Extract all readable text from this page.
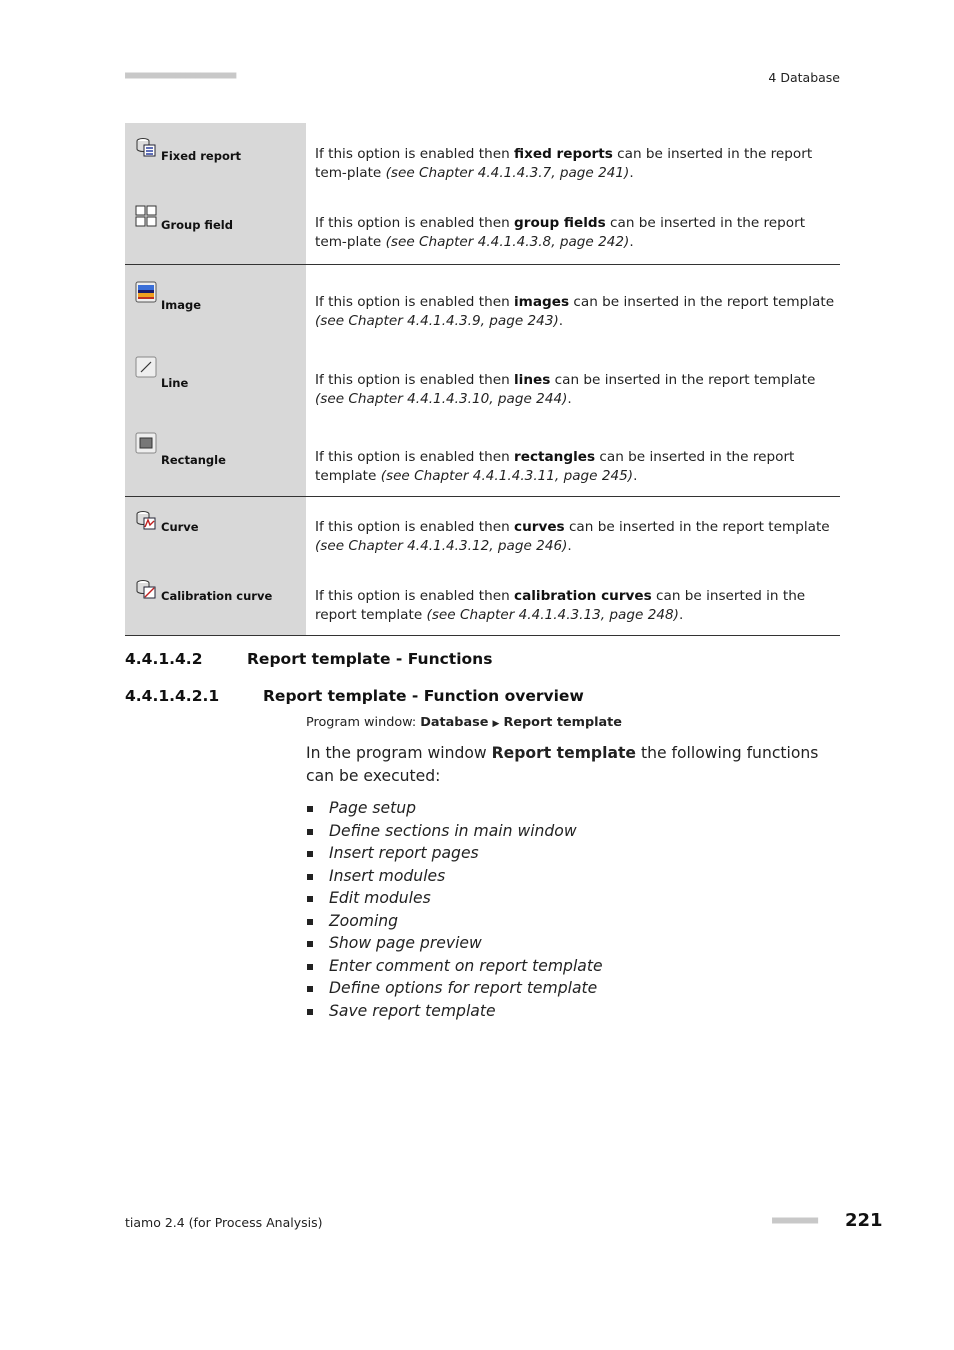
■■■■■■■■■■■■■■■■■■■■■■	4 Database
Fixed report	If this option is enabled then fixed reports can be inserted in the report tem-plate (see Chapter 4.4.1.4.3.7, page 241).
Group field	If this option is enabled then group fields can be inserted in the report tem-plate (see Chapter 4.4.1.4.3.8, page 242).
Image	If this option is enabled then images can be inserted in the report template (see Chapter 4.4.1.4.3.9, page 243).
Line	If this option is enabled then lines can be inserted in the report template (see Chapter 4.4.1.4.3.10, page 244).
Rectangle	If this option is enabled then rectangles can be inserted in the report template (see Chapter 4.4.1.4.3.11, page 245).
Curve	If this option is enabled then curves can be inserted in the report template (see Chapter 4.4.1.4.3.12, page 246).
Calibration curve	If this option is enabled then calibration curves can be inserted in the report template (see Chapter 4.4.1.4.3.13, page 248).
4.4.1.4.2	Report template - Functions
4.4.1.4.2.1	Report template - Function overview
Program window: Database ▶ Report template
In the program window Report template the following functions can be executed:
Page setup
Define sections in main window
Insert report pages
Insert modules
Edit modules
Zooming
Show page preview
Enter comment on report template
Define options for report template
Save report template
tiamo 2.4 (for Process Analysis)	■■■■■■■■■ 221
